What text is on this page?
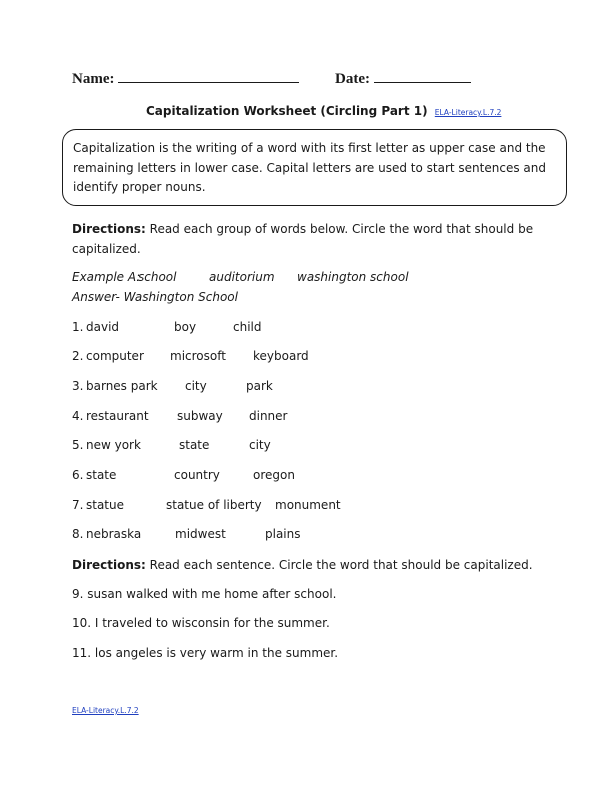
Name:	Date:
Capitalization Worksheet (Circling Part 1) ELA-Literacy.L.7.2
Capitalization is the writing of a word with its first letter as upper case and the remaining letters in lower case. Capital letters are used to start sentences and identify proper nouns.
Directions: Read each group of words below. Circle the word that should be capitalized.
Example A:
school	auditorium washington school
Answer- Washington School
1. david	boy	child
2. computer microsoft keyboard
3. barnes park city	park
4. restaurant subway dinner
5. new york	state	city
6. state	country	oregon
7. statue	statue of liberty monument
8. nebraska	midwest	plains
Directions: Read each sentence. Circle the word that should be capitalized.
9. susan walked with me home after school.
10. I traveled to wisconsin for the summer.
11. los angeles is very warm in the summer.
ELA-Literacy.L.7.2
